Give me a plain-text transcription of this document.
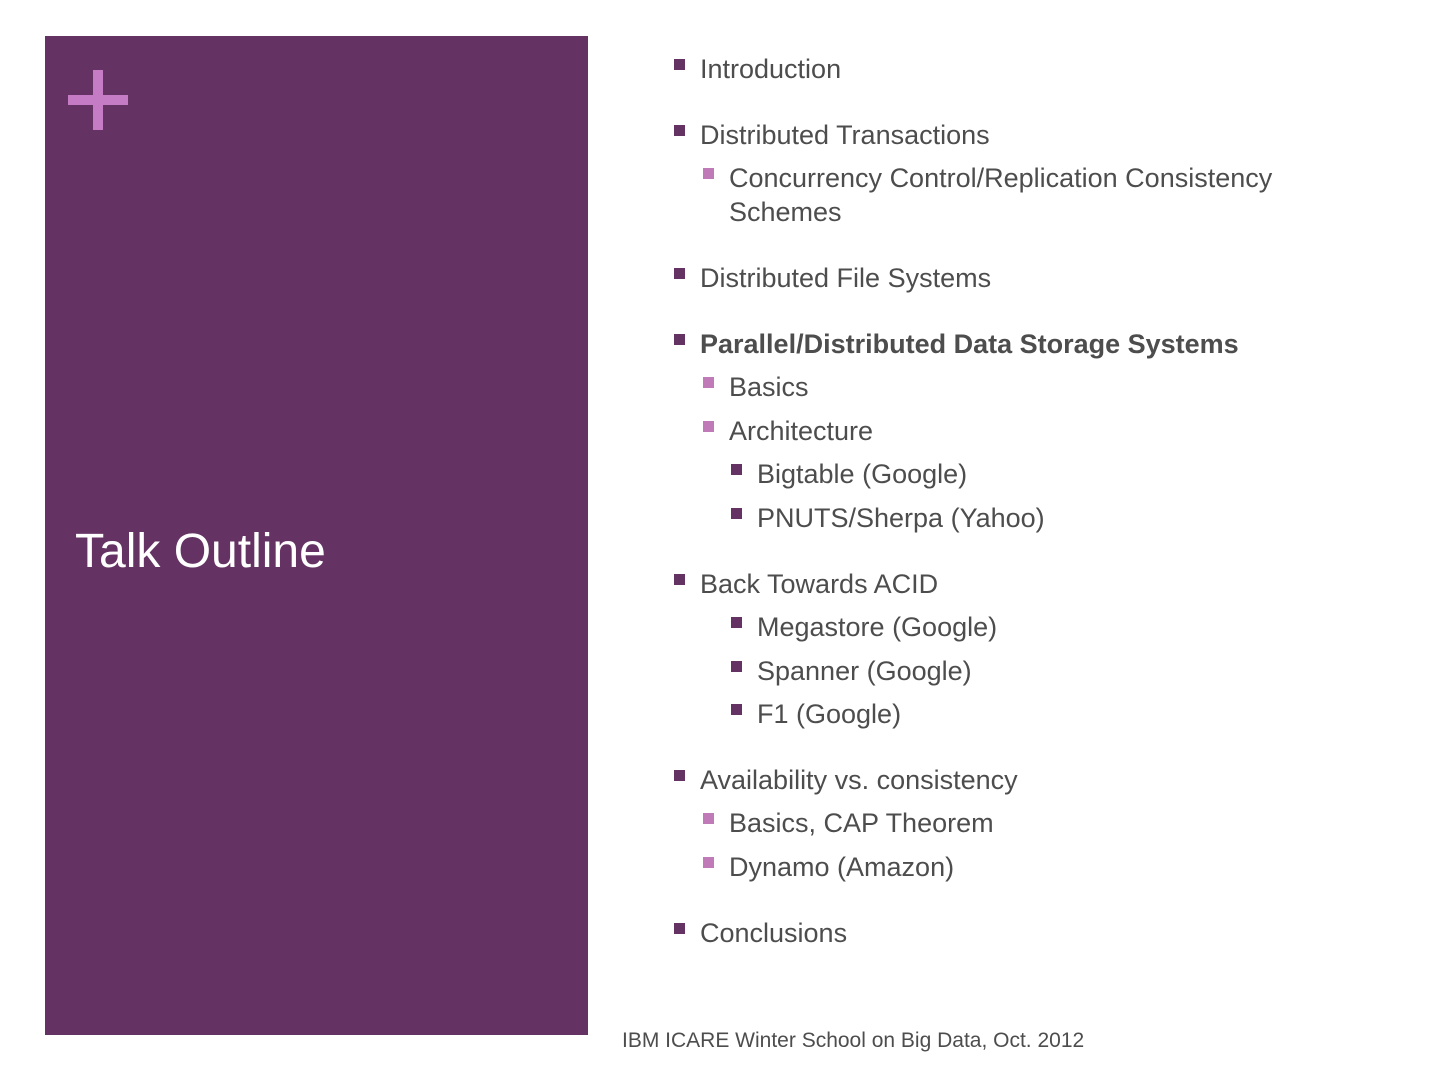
Talk Outline
Introduction
Distributed Transactions
Concurrency Control/Replication Consistency
Schemes
Distributed File Systems
Parallel/Distributed Data Storage Systems
Basics
Architecture
Bigtable (Google)
PNUTS/Sherpa (Yahoo)
Back Towards ACID
Megastore (Google)
Spanner (Google)
F1 (Google)
Availability vs. consistency
Basics, CAP Theorem
Dynamo (Amazon)
Conclusions
IBM ICARE Winter School on Big Data, Oct. 2012
